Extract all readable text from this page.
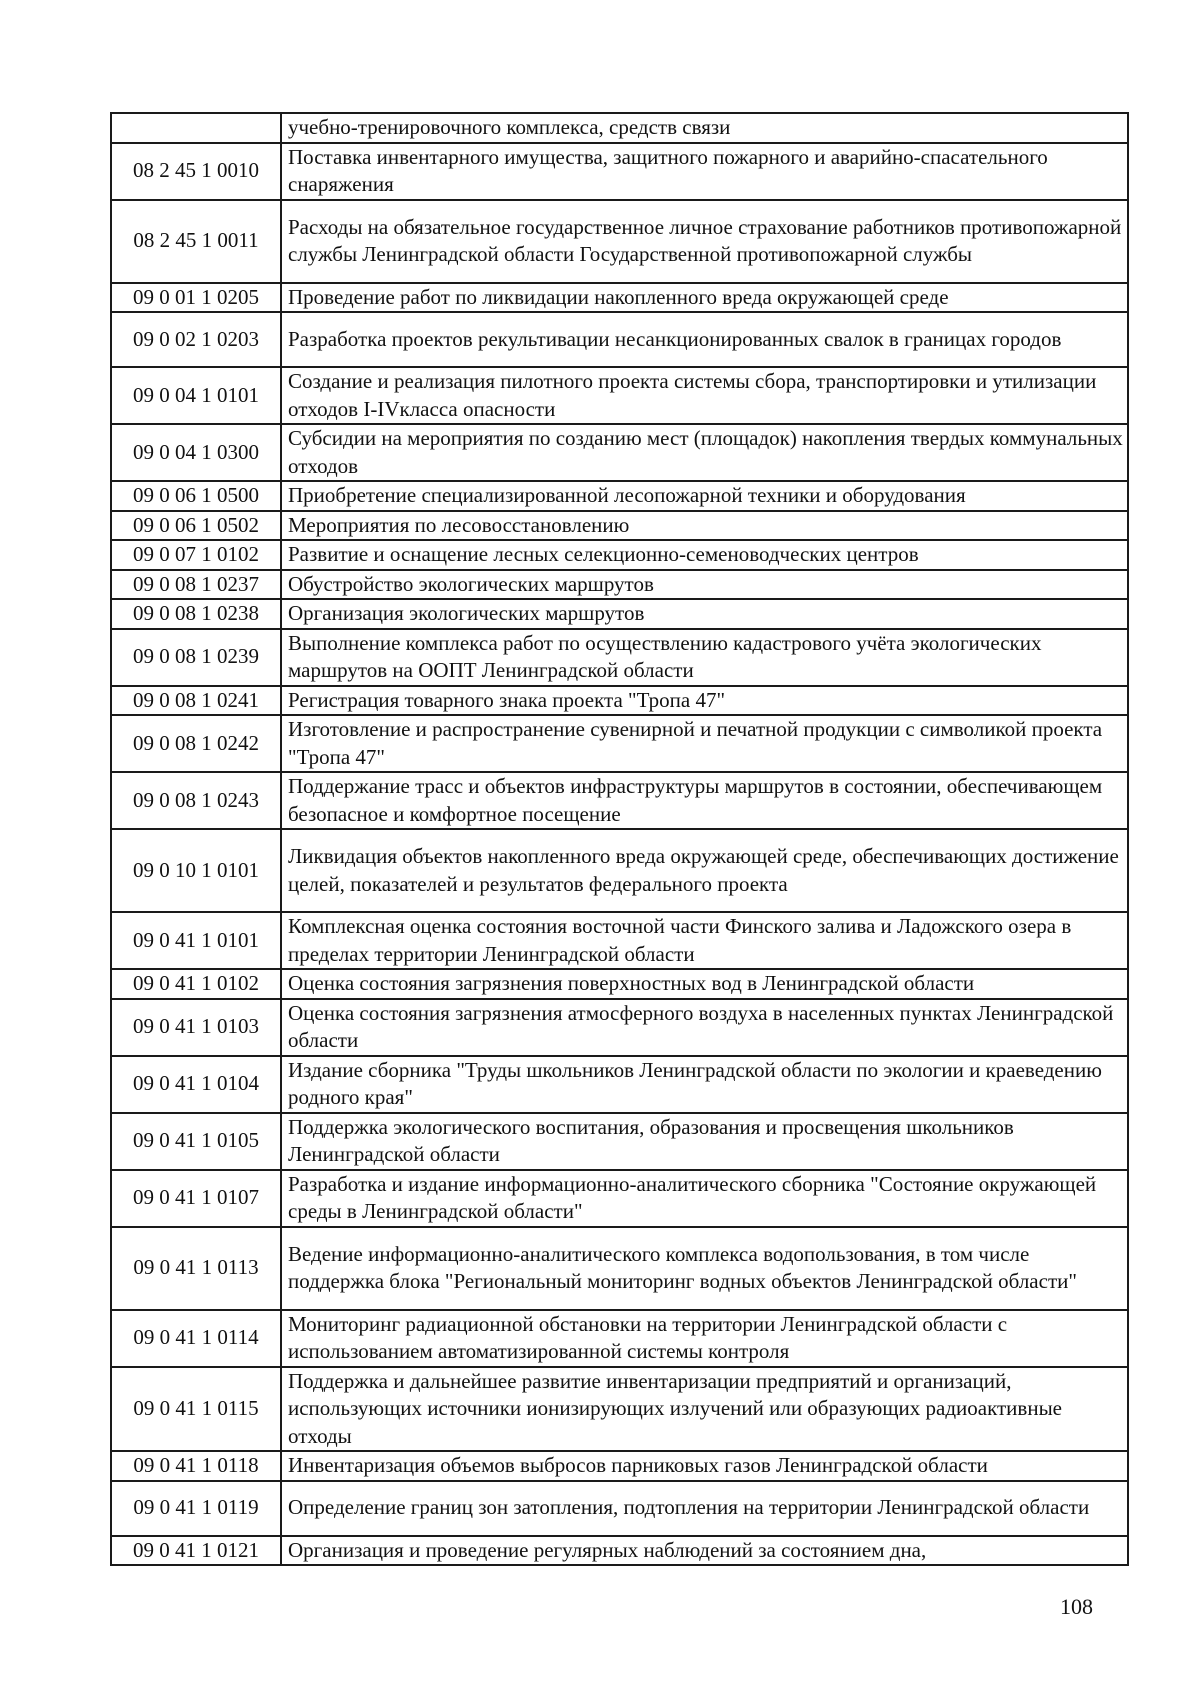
	учебно-тренировочного комплекса, средств связи
08 2 45 1 0010	Поставка инвентарного имущества, защитного пожарного и аварийно-спасательного снаряжения
08 2 45 1 0011	Расходы на обязательное государственное личное страхование работников противопожарной службы Ленинградской области Государственной противопожарной службы
09 0 01 1 0205	Проведение работ по ликвидации накопленного вреда окружающей среде
09 0 02 1 0203	Разработка проектов рекультивации несанкционированных свалок в границах городов
09 0 04 1 0101	Создание и реализация пилотного проекта системы сбора, транспортировки и утилизации отходов I-IVкласса опасности
09 0 04 1 0300	Субсидии на мероприятия по созданию мест (площадок) накопления твердых коммунальных отходов
09 0 06 1 0500	Приобретение специализированной лесопожарной техники и оборудования
09 0 06 1 0502	Мероприятия по лесовосстановлению
09 0 07 1 0102	Развитие и оснащение лесных селекционно-семеноводческих центров
09 0 08 1 0237	Обустройство экологических маршрутов
09 0 08 1 0238	Организация экологических маршрутов
09 0 08 1 0239	Выполнение комплекса работ по осуществлению кадастрового учёта экологических маршрутов на ООПТ Ленинградской области
09 0 08 1 0241	Регистрация товарного знака проекта "Тропа 47"
09 0 08 1 0242	Изготовление и распространение сувенирной и печатной продукции с символикой проекта "Тропа 47"
09 0 08 1 0243	Поддержание трасс и объектов инфраструктуры маршрутов в состоянии, обеспечивающем безопасное и комфортное посещение
09 0 10 1 0101	Ликвидация объектов накопленного вреда окружающей среде, обеспечивающих достижение целей, показателей и результатов федерального проекта
09 0 41 1 0101	Комплексная оценка состояния восточной части Финского залива и Ладожского озера в пределах территории Ленинградской области
09 0 41 1 0102	Оценка состояния загрязнения поверхностных вод в Ленинградской области
09 0 41 1 0103	Оценка состояния загрязнения атмосферного воздуха в населенных пунктах Ленинградской области
09 0 41 1 0104	Издание сборника "Труды школьников Ленинградской области по экологии и краеведению родного края"
09 0 41 1 0105	Поддержка экологического воспитания, образования и просвещения школьников Ленинградской области
09 0 41 1 0107	Разработка и издание информационно-аналитического сборника "Состояние окружающей среды в Ленинградской области"
09 0 41 1 0113	Ведение информационно-аналитического комплекса водопользования, в том числе поддержка блока "Региональный мониторинг водных объектов Ленинградской области"
09 0 41 1 0114	Мониторинг радиационной обстановки на территории Ленинградской области с использованием автоматизированной системы контроля
09 0 41 1 0115	Поддержка и дальнейшее развитие инвентаризации предприятий и организаций, использующих источники ионизирующих излучений или образующих радиоактивные отходы
09 0 41 1 0118	Инвентаризация объемов выбросов парниковых газов Ленинградской области
09 0 41 1 0119	Определение границ зон затопления, подтопления на территории Ленинградской области
09 0 41 1 0121	Организация и проведение регулярных наблюдений за состоянием дна,
108
